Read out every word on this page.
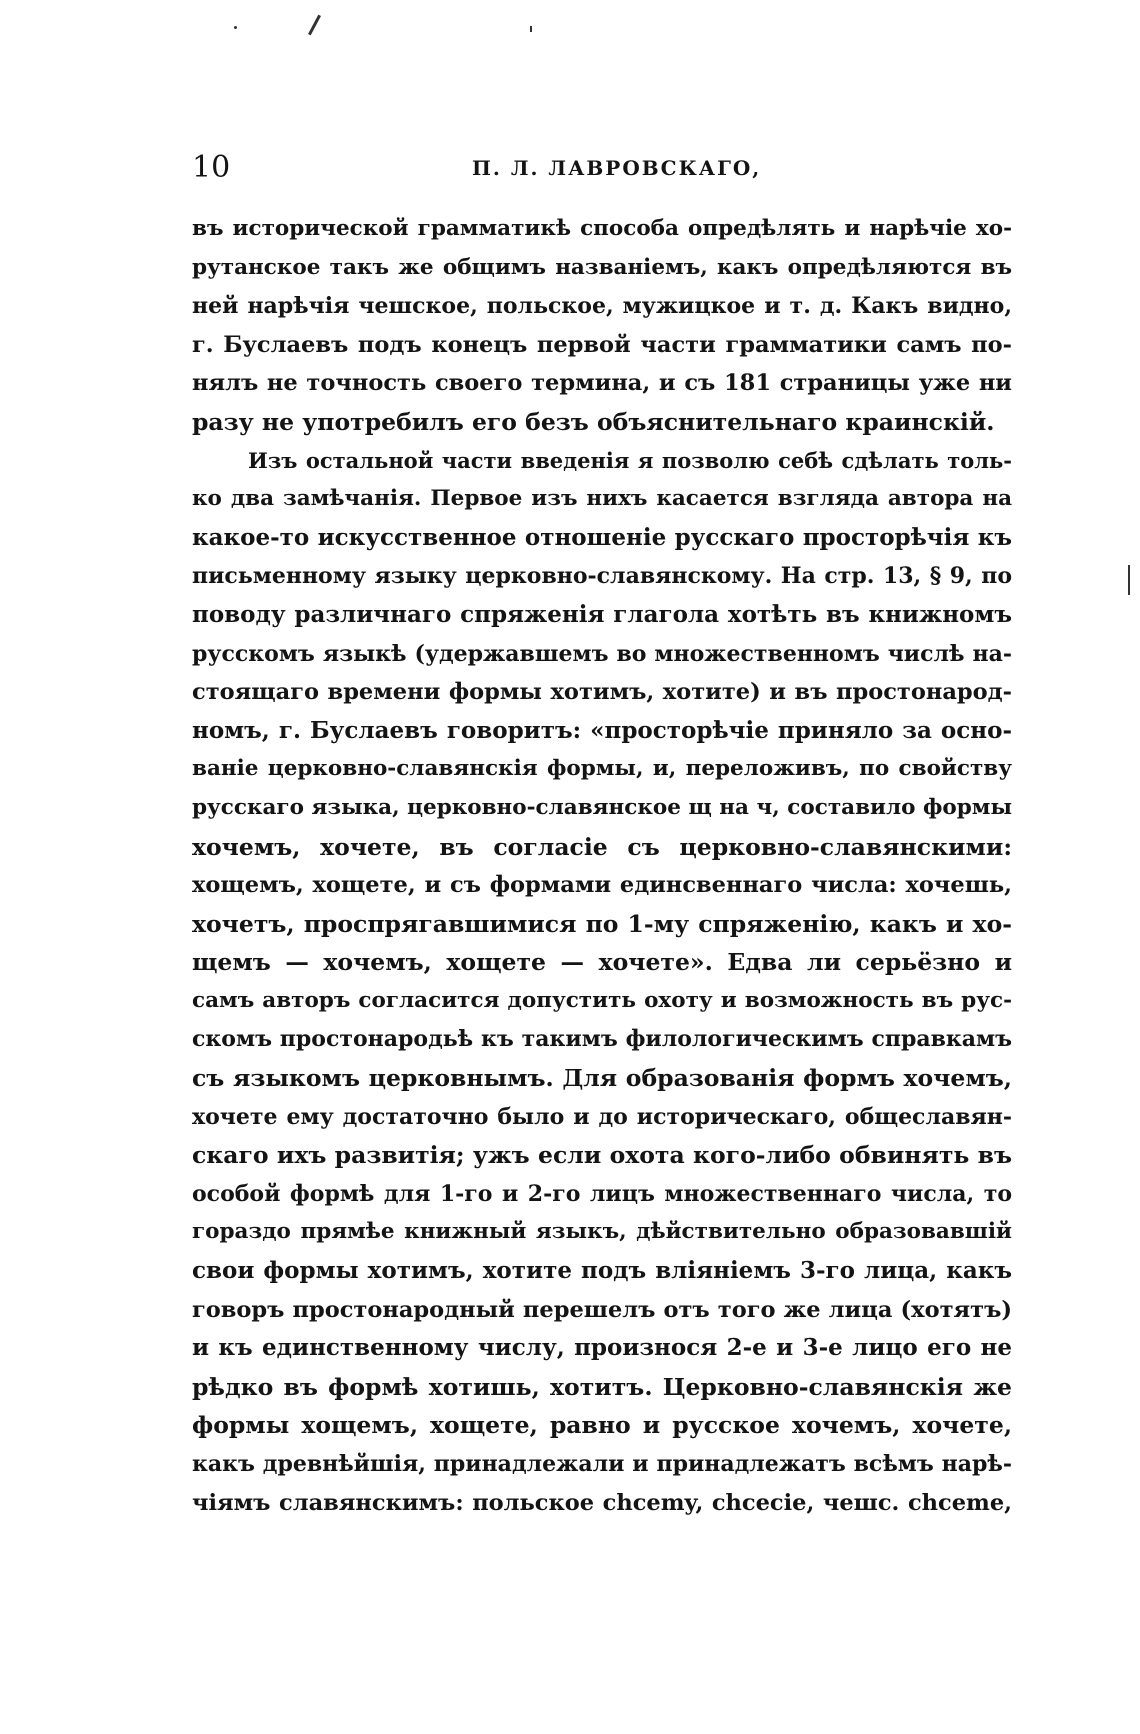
10	П. Л. ЛАВРОВСКАГО,
въ исторической грамматикѣ способа опредѣлять и нарѣчіе хо-
рутанское такъ же общимъ названіемъ, какъ опредѣляются въ
ней нарѣчія чешское, польское, мужицкое и т. д. Какъ видно,
г. Буслаевъ подъ конецъ первой части грамматики самъ по-
нялъ не точность своего термина, и съ 181 страницы уже ни
разу не употребилъ его безъ объяснительнаго краинскій.
Изъ остальной части введенія я позволю себѣ сдѣлать толь-
ко два замѣчанія. Первое изъ нихъ касается взгляда автора на
какое-то искусственное отношеніе русскаго просторѣчія къ
письменному языку церковно-славянскому. На стр. 13, § 9, по
поводу различнаго спряженія глагола хотѣть въ книжномъ
русскомъ языкѣ (удержавшемъ во множественномъ числѣ на-
стоящаго времени формы хотимъ, хотите) и въ простонарод-
номъ, г. Буслаевъ говоритъ: «просторѣчіе приняло за осно-
ваніе церковно-славянскія формы, и, переложивъ, по свойству
русскаго языка, церковно-славянское щ на ч, составило формы
хочемъ, хочете, въ согласіе съ церковно-славянскими:
хощемъ, хощете, и съ формами единсвеннаго числа: хочешь,
хочетъ, проспрягавшимися по 1-му спряженію, какъ и хо-
щемъ — хочемъ, хощете — хочете». Едва ли серьёзно и
самъ авторъ согласится допустить охоту и возможность въ рус-
скомъ простонародьѣ къ такимъ филологическимъ справкамъ
съ языкомъ церковнымъ. Для образованія формъ хочемъ,
хочете ему достаточно было и до историческаго, общеславян-
скаго ихъ развитія; ужъ если охота кого-либо обвинять въ
особой формѣ для 1-го и 2-го лицъ множественнаго числа, то
гораздо прямѣе книжный языкъ, дѣйствительно образовавшій
свои формы хотимъ, хотите подъ вліяніемъ 3-го лица, какъ
говоръ простонародный перешелъ отъ того же лица (хотятъ)
и къ единственному числу, произнося 2-е и 3-е лицо его не
рѣдко въ формѣ хотишь, хотитъ. Церковно-славянскія же
формы хощемъ, хощете, равно и русское хочемъ, хочете,
какъ древнѣйшія, принадлежали и принадлежатъ всѣмъ нарѣ-
чіямъ славянскимъ: польское chcemy, chcecie, чешс. chceme,
